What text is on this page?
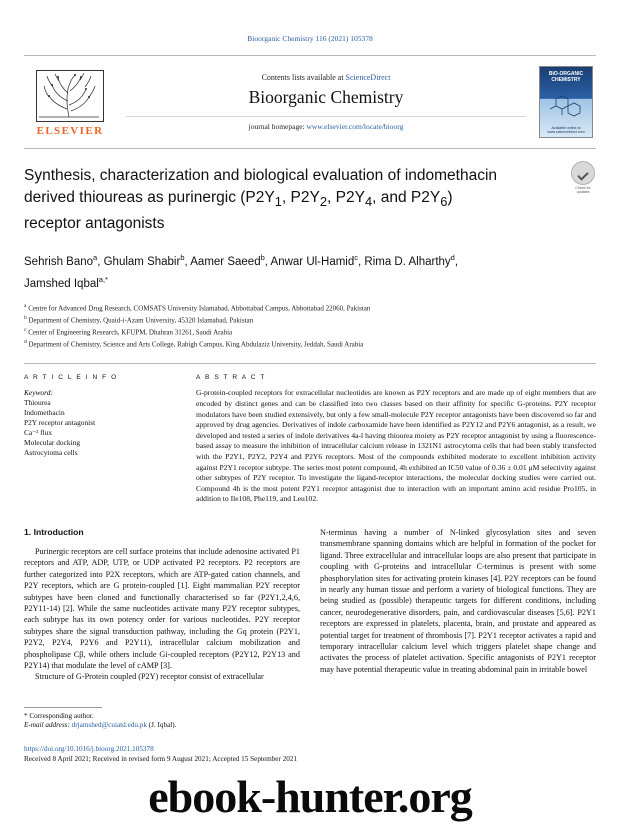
Bioorganic Chemistry 116 (2021) 105378
ELSEVIER
Contents lists available at ScienceDirect
Bioorganic Chemistry
journal homepage: www.elsevier.com/locate/bioorg
BIO-ORGANIC CHEMISTRY
Available online at www.sciencedirect.com
Check for updates
Synthesis, characterization and biological evaluation of indomethacin
derived thioureas as purinergic ($P2Y_1$, $P2Y_2$, $P2Y_4$, and $P2Y_6$)
receptor antagonists
Sehrish Bano$^a$, Ghulam Shabir$^b$, Aamer Saeed$^b$, Anwar Ul-Hamid$^c$, Rima D. Alharthy$^d$,
Jamshed Iqbal$^{a,*}$
$^a$ Centre for Advanced Drug Research, COMSATS University Islamabad, Abbottabad Campus, Abbottabad 22060, Pakistan
$^b$ Department of Chemistry, Quaid-i-Azam University, 45320 Islamabad, Pakistan
$^c$ Center of Engineering Research, KFUPM, Dhahran 31261, Saudi Arabia
$^d$ Department of Chemistry, Science and Arts College, Rabigh Campus, King Abdulaziz University, Jeddah, Saudi Arabia
A R T I C L E I N F O
Keyword:
Thiourea
Indomethacin
P2Y receptor antagonist
Ca⁻² flux
Molecular docking
Astrocytoma cells
A B S T R A C T
G-protein-coupled receptors for extracellular nucleotides are known as P2Y receptors and are made up of eight members that are encoded by distinct genes and can be classified into two classes based on their affinity for specific G-proteins. P2Y receptor modulators have been studied extensively, but only a few small-molecule P2Y receptor antagonists have been discovered so far and approved by drug agencies. Derivatives of indole carboxamide have been identified as P2Y12 and P2Y6 antagonist, as a result, we developed and tested a series of indole derivatives 4a-l having thiourea moiety as P2Y receptor antagonist by using a fluorescence-based assay to measure the inhibition of intracellular calcium release in 1321N1 astrocytoma cells that had been stably transfected with the P2Y1, P2Y2, P2Y4 and P2Y6 receptors. Most of the compounds exhibited moderate to excellent inhibition activity against P2Y1 receptor subtype. The series most potent compound, 4h exhibited an IC50 value of 0.36 ± 0.01 μM selectivity against other subtypes of P2Y receptor. To investigate the ligand-receptor interactions, the molecular docking studies were carried out. Compound 4h is the most potent P2Y1 receptor antagonist due to interaction with an important amino acid residue Pro105, in addition to Ile108, Phe119, and Leu102.
1. Introduction

Purinergic receptors are cell surface proteins that include adenosine activated P1 receptors and ATP, ADP, UTP, or UDP activated P2 receptors. P2 receptors are further categorized into P2X receptors, which are ATP-gated cation channels, and P2Y receptors, which are G protein-coupled [1]. Eight mammalian P2Y receptor subtypes have been cloned and functionally characterised so far (P2Y1,2,4,6, P2Y11-14) [2]. While the same nucleotides activate many P2Y receptor subtypes, each subtype has its own potency order for various nucleotides. P2Y receptor subtypes share the signal transduction pathway, including the Gq protein (P2Y1, P2Y2, P2Y4, P2Y6 and P2Y11), intracellular calcium mobilization and phospholipase Cβ, while others include Gi-coupled receptors (P2Y12, P2Y13 and P2Y14) that modulate the level of cAMP [3].

Structure of G-Protein coupled (P2Y) receptor consist of extracellular

N-terminus having a number of N-linked glycosylation sites and seven transmembrane spanning domains which are helpful in formation of the pocket for ligand. Three extracellular and intracellular loops are also present that participate in coupling with G-proteins and intracellular C-terminus is present with some phosphorylation sites for activating protein kinases [4]. P2Y receptors can be found in nearly any human tissue and perform a variety of biological functions. They are being studied as (possible) therapeutic targets for different conditions, including cancer, neurodegenerative disorders, pain, and cardiovascular diseases [5,6]. P2Y1 receptors are expressed in platelets, placenta, brain, and prostate and appeared as potential target for treatment of thrombosis [7]. P2Y1 receptor activates a rapid and temporary intracellular calcium level which triggers platelet shape change and activates the process of platelet activation. Specific antagonists of P2Y1 receptor may have potential therapeutic value in treating abdominal pain in irritable bowel

* Corresponding author.
E-mail address: drjamshed@cuiatd.edu.pk (J. Iqbal).
https://doi.org/10.1016/j.bioorg.2021.105378
Received 8 April 2021; Received in revised form 9 August 2021; Accepted 15 September 2021
ebook-hunter.org
